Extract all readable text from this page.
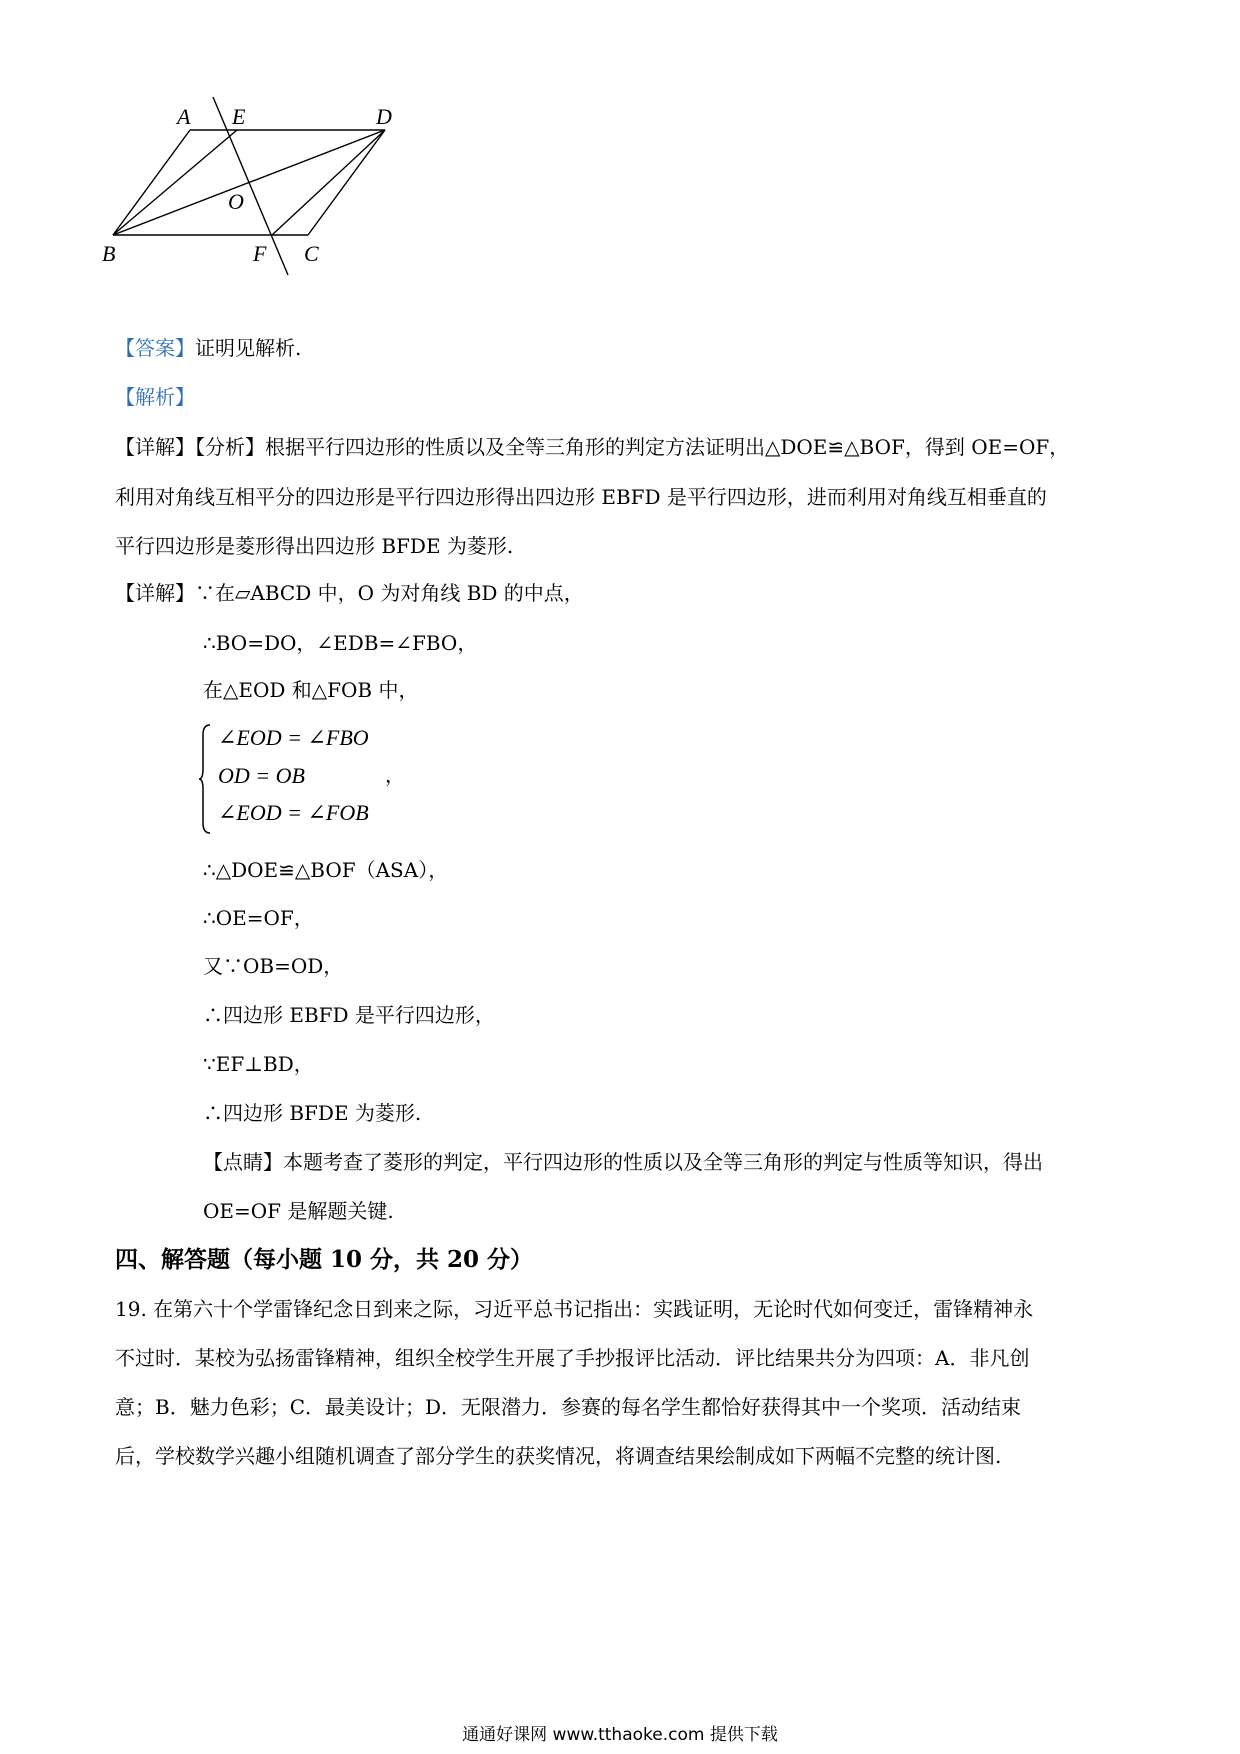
A E	D
O
B	F C
【答案】证明见解析.
【解析】
【详解】【分析】根据平行四边形的性质以及全等三角形的判定方法证明出△DOE≌△BOF，得到 OE=OF，
利用对角线互相平分的四边形是平行四边形得出四边形 EBFD 是平行四边形，进而利用对角线互相垂直的
平行四边形是菱形得出四边形 BFDE 为菱形.
【详解】∵在▱ABCD 中，O 为对角线 BD 的中点，
∴BO=DO，∠EDB=∠FBO，
在△EOD 和△FOB 中，
∠EOD = ∠FBO
OD = OB	，
∠EOD = ∠FOB
∴△DOE≌△BOF（ASA），
∴OE=OF，
又∵OB=OD，
∴四边形 EBFD 是平行四边形，
∵EF⊥BD，
∴四边形 BFDE 为菱形.
【点睛】本题考查了菱形的判定，平行四边形的性质以及全等三角形的判定与性质等知识，得出
OE=OF 是解题关键.
四、解答题（每小题 10 分，共 20 分）
19. 在第六十个学雷锋纪念日到来之际，习近平总书记指出：实践证明，无论时代如何变迁，雷锋精神永
不过时．某校为弘扬雷锋精神，组织全校学生开展了手抄报评比活动．评比结果共分为四项：A．非凡创
意；B．魅力色彩；C．最美设计；D．无限潜力．参赛的每名学生都恰好获得其中一个奖项．活动结束
后，学校数学兴趣小组随机调查了部分学生的获奖情况，将调查结果绘制成如下两幅不完整的统计图.
通通好课网 www.tthaoke.com 提供下载
